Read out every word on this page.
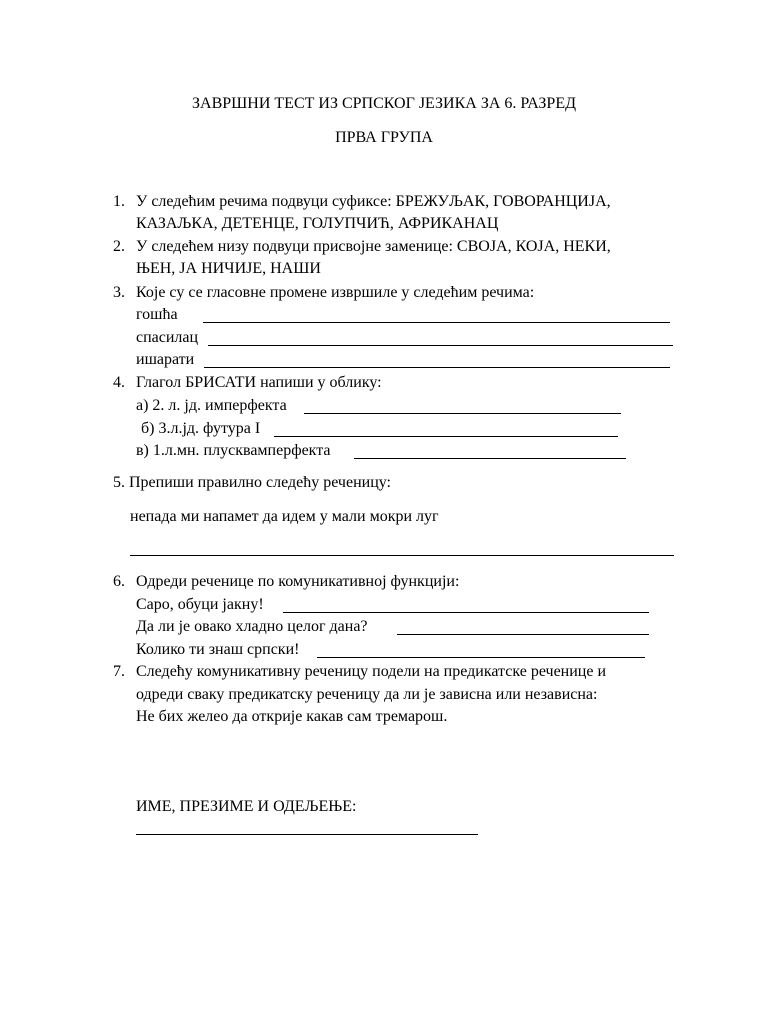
ЗАВРШНИ ТЕСТ ИЗ СРПСКОГ ЈЕЗИКА ЗА 6. РАЗРЕД
ПРВА ГРУПА
1. У следећим речима подвуци суфиксе: БРЕЖУЉАК, ГОВОРАНЦИЈА,
КАЗАЉКА, ДЕТЕНЦЕ, ГОЛУПЧИЋ, АФРИКАНАЦ
2. У следећем низу подвуци присвојне заменице: СВОЈА, КОЈА, НЕКИ,
ЊЕН, ЈА НИЧИЈЕ, НАШИ
3. Које су се гласовне промене извршиле у следећим речима:
гошћа
спасилац
ишарати
4. Глагол БРИСАТИ напиши у облику:
а) 2. л. јд. имперфекта
б) 3.л.јд. футура I
в) 1.л.мн. плусквамперфекта
5. Препиши правилно следећу реченицу:
непада ми напамет да идем у мали мокри луг
6. Одреди реченице по комуникативној функцији:
Саро, обуци јакну!
Да ли је овако хладно целог дана?
Колико ти знаш српски!
7. Следећу комуникативну реченицу подели на предикатске реченице и
одреди сваку предикатску реченицу да ли је зависна или независна:
Не бих желео да открије какав сам тремарош.
ИМЕ, ПРЕЗИМЕ И ОДЕЉЕЊЕ:
